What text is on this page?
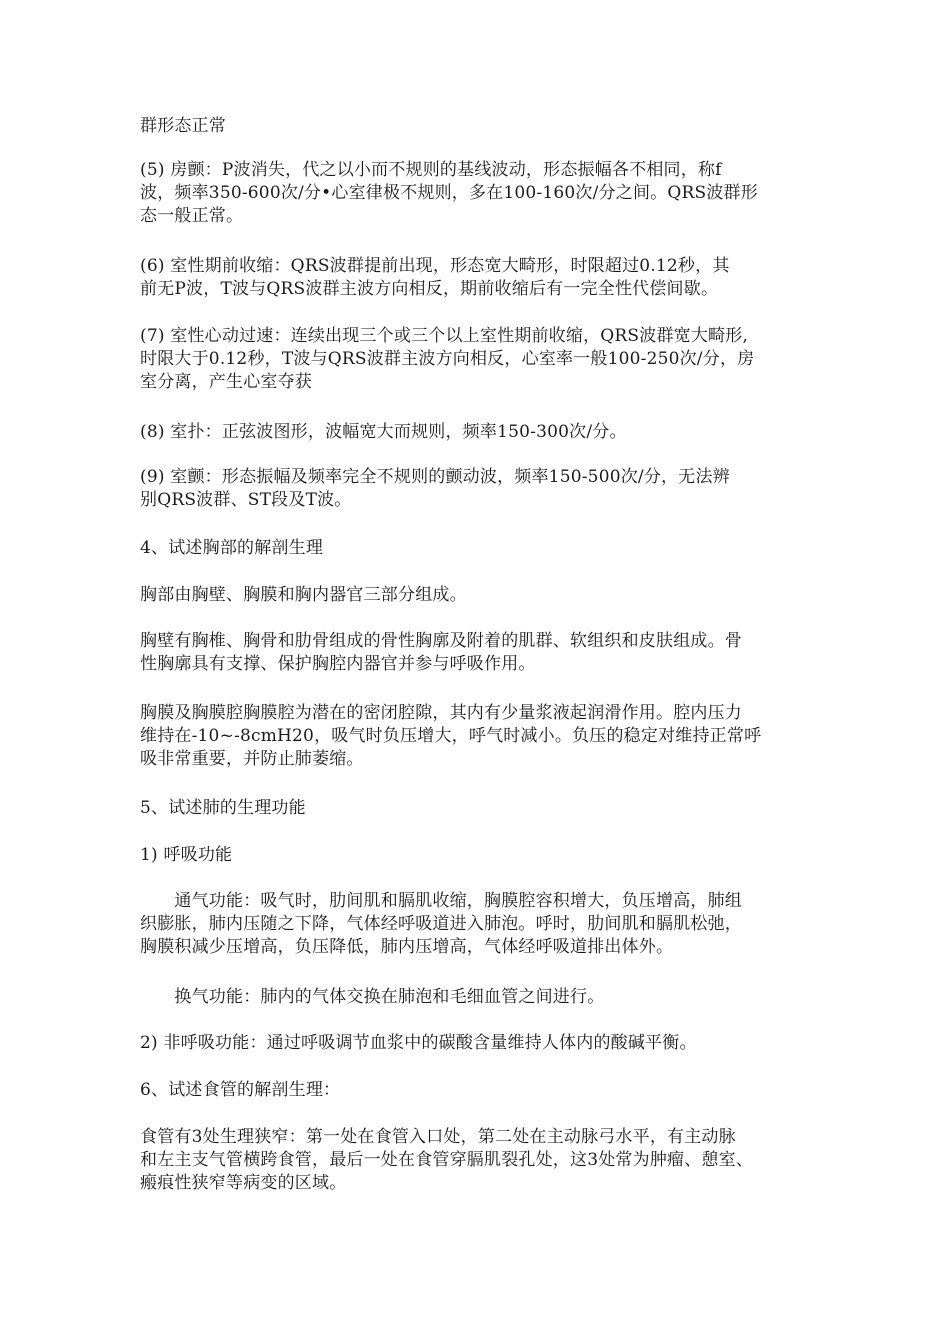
群形态正常

(5) 房颤：P波消失，代之以小而不规则的基线波动，形态振幅各不相同，称f
波，频率350-600次/分•心室律极不规则，多在100-160次/分之间。QRS波群形
态一般正常。

(6) 室性期前收缩：QRS波群提前出现，形态宽大畸形，时限超过0.12秒，其
前无P波，T波与QRS波群主波方向相反，期前收缩后有一完全性代偿间歇。

(7) 室性心动过速：连续出现三个或三个以上室性期前收缩，QRS波群宽大畸形,
时限大于0.12秒，T波与QRS波群主波方向相反，心室率一般100-250次/分，房
室分离，产生心室夺获

(8) 室扑：正弦波图形，波幅宽大而规则，频率150-300次/分。

(9) 室颤：形态振幅及频率完全不规则的颤动波，频率150-500次/分，无法辨
别QRS波群、ST段及T波。

4、试述胸部的解剖生理

胸部由胸壁、胸膜和胸内器官三部分组成。

胸壁有胸椎、胸骨和肋骨组成的骨性胸廓及附着的肌群、软组织和皮肤组成。骨
性胸廓具有支撑、保护胸腔内器官并参与呼吸作用。

胸膜及胸膜腔胸膜腔为潜在的密闭腔隙，其内有少量浆液起润滑作用。腔内压力
维持在-10~-8cmH20，吸气时负压增大，呼气时减小。负压的稳定对维持正常呼
吸非常重要，并防止肺萎缩。

5、试述肺的生理功能

1) 呼吸功能

　　通气功能：吸气时，肋间肌和膈肌收缩，胸膜腔容积增大，负压增高，肺组
织膨胀，肺内压随之下降，气体经呼吸道进入肺泡。呼时，肋间肌和膈肌松弛，
胸膜积减少压增高，负压降低，肺内压增高，气体经呼吸道排出体外。

　　换气功能：肺内的气体交换在肺泡和毛细血管之间进行。

2) 非呼吸功能：通过呼吸调节血浆中的碳酸含量维持人体内的酸碱平衡。

6、试述食管的解剖生理：

食管有3处生理狭窄：第一处在食管入口处，第二处在主动脉弓水平，有主动脉
和左主支气管横跨食管，最后一处在食管穿膈肌裂孔处，这3处常为肿瘤、憩室、
瘢痕性狭窄等病变的区域。
